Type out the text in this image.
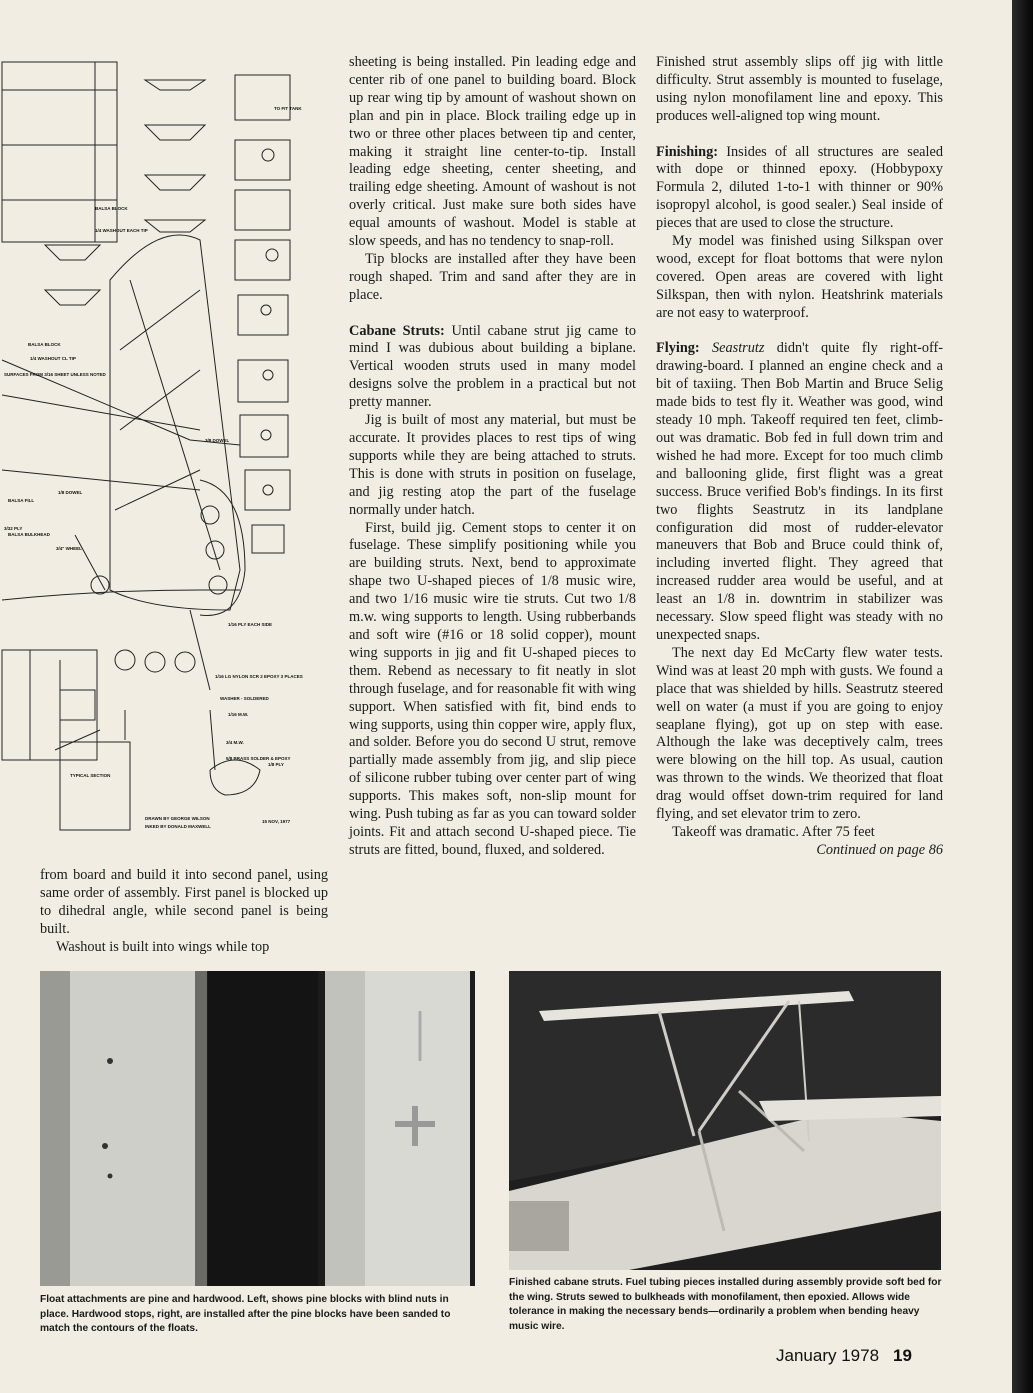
BALSA BLOCK
1/4 WASHOUT EACH TIP
BALSA BLOCK
1/4 WASHOUT CL TIP
SURFACES FROM 3/16 SHEET UNLESS NOTED
3/8 DOWEL
1/8 DOWEL
3/32 PLY
BALSA FILL
BALSA BULKHEAD
3/4" WHEEL
1/16 PLY EACH SIDE
1/16 LG NYLON SCR 2 EPOXY 3 PLACES
WASHER - SOLDERED
1/16 M.W.
3/4 M.W.
5/8 BRASS SOLDER & EPOXY
1/8 PLY
TYPICAL SECTION
DRAWN BY GEORGE WILSON
INKED BY DONALD MAXWELL
15 NOV, 1977
TO FIT TANK

sheeting is being installed. Pin leading edge and center rib of one panel to building board. Block up rear wing tip by amount of washout shown on plan and pin in place. Block trailing edge up in two or three other places between tip and center, making it straight line center-to-tip. Install leading edge sheeting, center sheeting, and trailing edge sheeting. Amount of washout is not overly critical. Just make sure both sides have equal amounts of washout. Model is stable at slow speeds, and has no tendency to snap-roll.

Tip blocks are installed after they have been rough shaped. Trim and sand after they are in place.

Cabane Struts: Until cabane strut jig came to mind I was dubious about building a biplane. Vertical wooden struts used in many model designs solve the problem in a practical but not pretty manner.

Jig is built of most any material, but must be accurate. It provides places to rest tips of wing supports while they are being attached to struts. This is done with struts in position on fuselage, and jig resting atop the part of the fuselage normally under hatch.

First, build jig. Cement stops to center it on fuselage. These simplify positioning while you are building struts. Next, bend to approximate shape two U-shaped pieces of 1/8 music wire, and two 1/16 music wire tie struts. Cut two 1/8 m.w. wing supports to length. Using rubberbands and soft wire (#16 or 18 solid copper), mount wing supports in jig and fit U-shaped pieces to them. Rebend as necessary to fit neatly in slot through fuselage, and for reasonable fit with wing support. When satisfied with fit, bind ends to wing supports, using thin copper wire, apply flux, and solder. Before you do second U strut, remove partially made assembly from jig, and slip piece of silicone rubber tubing over center part of wing supports. This makes soft, non-slip mount for wing. Push tubing as far as you can toward solder joints. Fit and attach second U-shaped piece. Tie struts are fitted, bound, fluxed, and soldered.

Finished strut assembly slips off jig with little difficulty. Strut assembly is mounted to fuselage, using nylon monofilament line and epoxy. This produces well-aligned top wing mount.

Finishing: Insides of all structures are sealed with dope or thinned epoxy. (Hobbypoxy Formula 2, diluted 1-to-1 with thinner or 90% isopropyl alcohol, is good sealer.) Seal inside of pieces that are used to close the structure.

My model was finished using Silkspan over wood, except for float bottoms that were nylon covered. Open areas are covered with light Silkspan, then with nylon. Heatshrink materials are not easy to waterproof.

Flying: Seastrutz didn't quite fly right-off-drawing-board. I planned an engine check and a bit of taxiing. Then Bob Martin and Bruce Selig made bids to test fly it. Weather was good, wind steady 10 mph. Takeoff required ten feet, climb-out was dramatic. Bob fed in full down trim and wished he had more. Except for too much climb and ballooning glide, first flight was a great success. Bruce verified Bob's findings. In its first two flights Seastrutz in its landplane configuration did most of rudder-elevator maneuvers that Bob and Bruce could think of, including inverted flight. They agreed that increased rudder area would be useful, and at least an 1/8 in. downtrim in stabilizer was necessary. Slow speed flight was steady with no unexpected snaps.

The next day Ed McCarty flew water tests. Wind was at least 20 mph with gusts. We found a place that was shielded by hills. Seastrutz steered well on water (a must if you are going to enjoy seaplane flying), got up on step with ease. Although the lake was deceptively calm, trees were blowing on the hill top. As usual, caution was thrown to the winds. We theorized that float drag would offset down-trim required for land flying, and set elevator trim to zero.

Takeoff was dramatic. After 75 feet

Continued on page 86

from board and build it into second panel, using same order of assembly. First panel is blocked up to dihedral angle, while second panel is being built.

Washout is built into wings while top

Float attachments are pine and hardwood. Left, shows pine blocks with blind nuts in place. Hardwood stops, right, are installed after the pine blocks have been sanded to match the contours of the floats.
Finished cabane struts. Fuel tubing pieces installed during assembly provide soft bed for the wing. Struts sewed to bulkheads with monofilament, then epoxied. Allows wide tolerance in making the necessary bends—ordinarily a problem when bending heavy music wire.
January 1978 19
